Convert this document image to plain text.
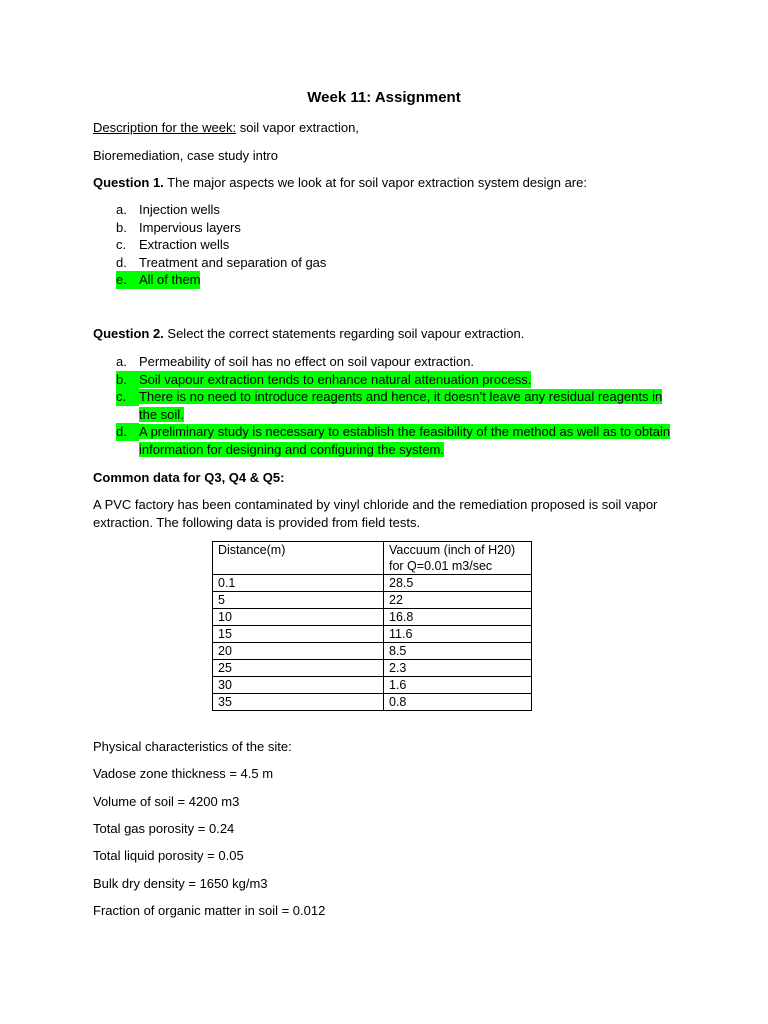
Week 11: Assignment
Description for the week: soil vapor extraction,
Bioremediation, case study intro
Question 1. The major aspects we look at for soil vapor extraction system design are:
a. Injection wells
b. Impervious layers
c. Extraction wells
d. Treatment and separation of gas
e. All of them
Question 2. Select the correct statements regarding soil vapour extraction.
a. Permeability of soil has no effect on soil vapour extraction.
b. Soil vapour extraction tends to enhance natural attenuation process.
c. There is no need to introduce reagents and hence, it doesn’t leave any residual reagents in the soil.
d. A preliminary study is necessary to establish the feasibility of the method as well as to obtain information for designing and configuring the system.
Common data for Q3, Q4 & Q5:
A PVC factory has been contaminated by vinyl chloride and the remediation proposed is soil vapor
extraction. The following data is provided from field tests.
Distance(m)	Vaccuum (inch of H20)
for Q=0.01 m3/sec

0.1	28.5
5	22
10	16.8
15	11.6
20	8.5
25	2.3
30	1.6
35	0.8
Physical characteristics of the site:
Vadose zone thickness = 4.5 m
Volume of soil = 4200 m3
Total gas porosity = 0.24
Total liquid porosity = 0.05
Bulk dry density = 1650 kg/m3
Fraction of organic matter in soil = 0.012
